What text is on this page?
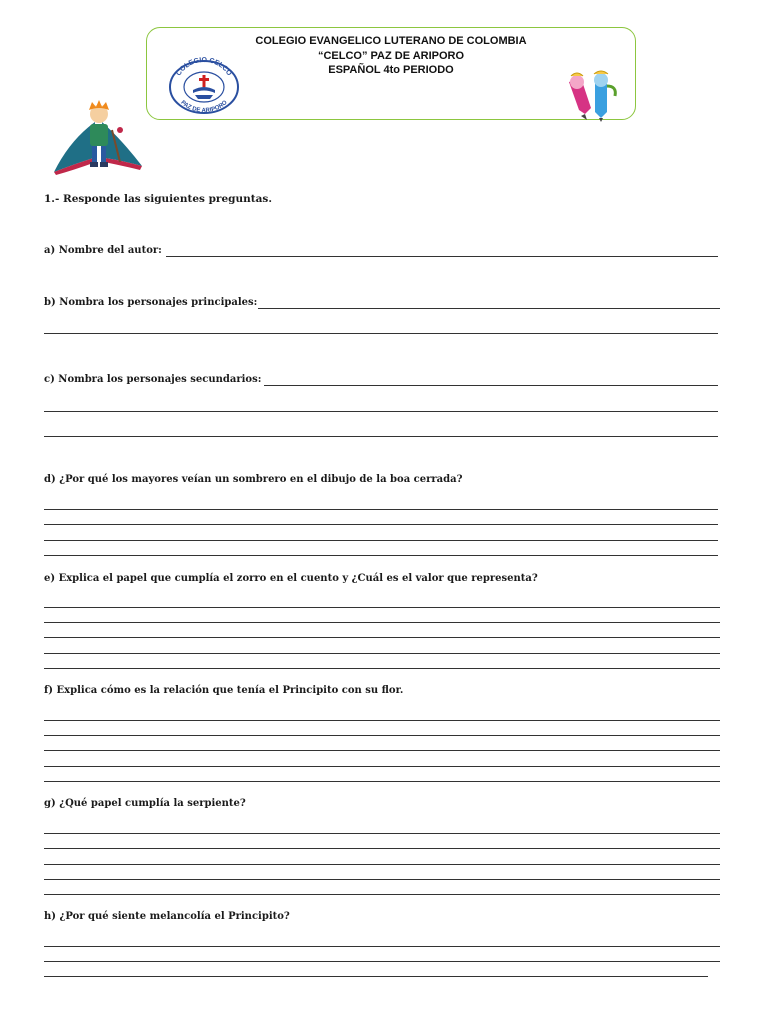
COLEGIO EVANGELICO LUTERANO DE COLOMBIA
“CELCO” PAZ DE ARIPORO
ESPAÑOL 4to PERIODO
COLEGIO CELCO
PAZ DE ARIPORO
1.- Responde las siguientes preguntas.
a) Nombre del autor:
b) Nombra los personajes principales:
c) Nombra los personajes secundarios:
d) ¿Por qué los mayores veían un sombrero en el dibujo de la boa cerrada?
e) Explica el papel que cumplía el zorro en el cuento y ¿Cuál es el valor que representa?
f) Explica cómo es la relación que tenía el Principito con su flor.
g) ¿Qué papel cumplía la serpiente?
h) ¿Por qué siente melancolía el Principito?
